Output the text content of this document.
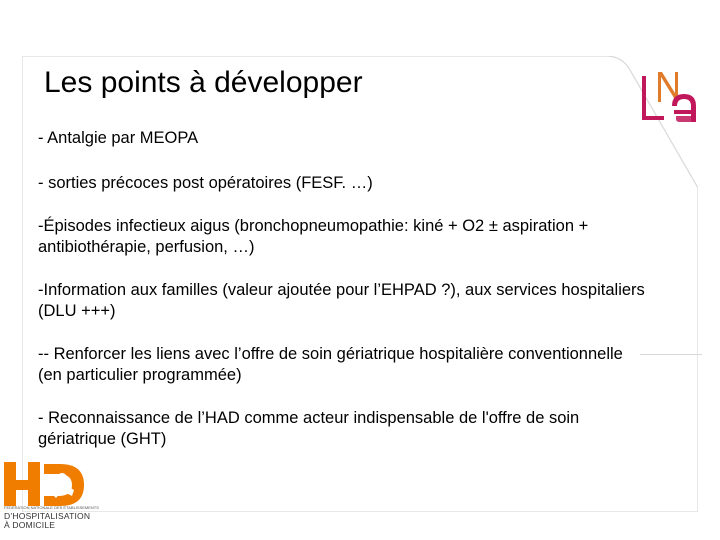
Les points à développer
- Antalgie par MEOPA
- sorties précoces post opératoires (FESF. …)
-Épisodes infectieux aigus (bronchopneumopathie: kiné + O2 ± aspiration + antibiothérapie, perfusion, …)
-Information aux familles (valeur ajoutée pour l’EHPAD ?), aux services hospitaliers (DLU +++)
-- Renforcer les liens avec l’offre de soin gériatrique hospitalière conventionnelle (en particulier programmée)
- Reconnaissance de l’HAD comme acteur indispensable de l'offre de soin gériatrique (GHT)
FÉDÉRATION NATIONALE DES ÉTABLISSEMENTS
D’HOSPITALISATION
À DOMICILE
